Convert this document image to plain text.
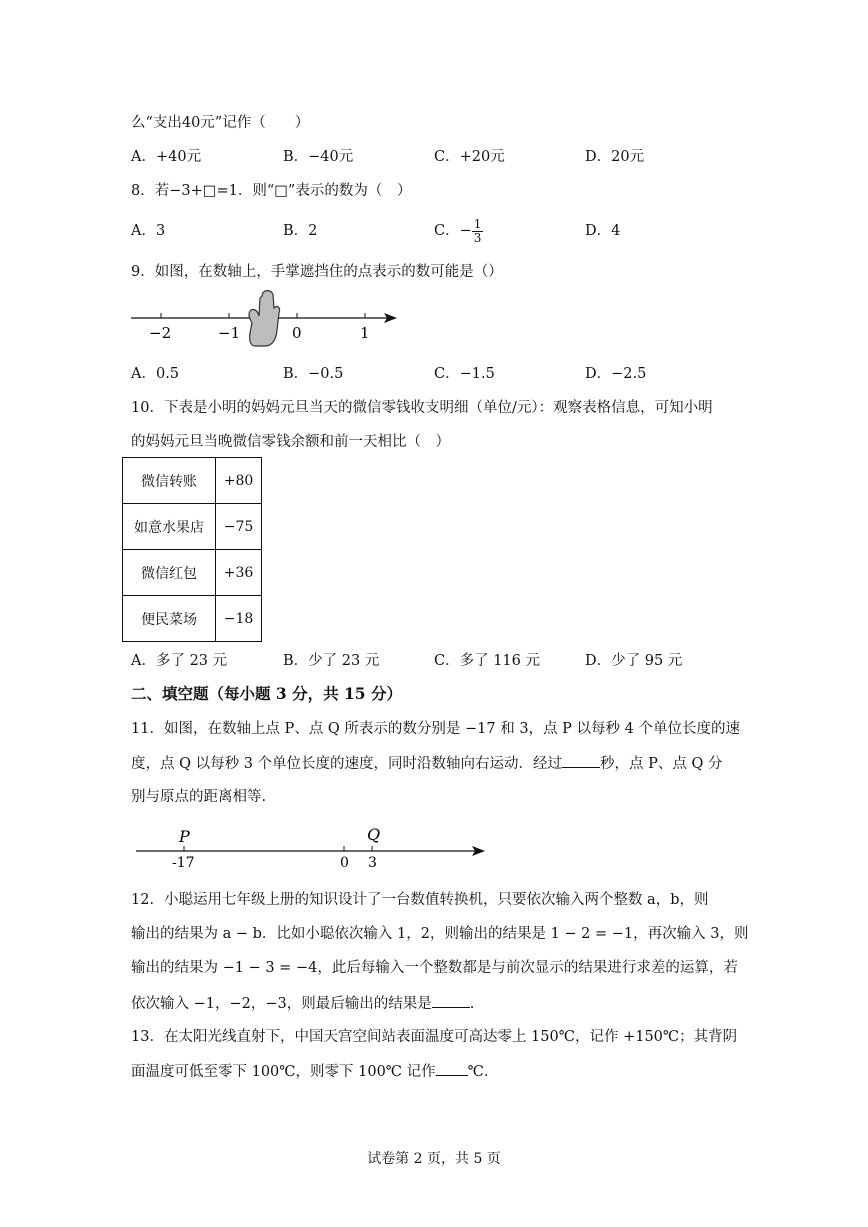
么“支出40元”记作（　　）
A．+40元	B．−40元	C．+20元	D．20元
8．若−3+□=1．则“□”表示的数为（　）
A．3	B．2	C．− $\frac{1}{3}$	D．4
9．如图，在数轴上，手掌遮挡住的点表示的数可能是（）
−2	−1	0	1
A．0.5	B．−0.5	C．−1.5	D．−2.5
10．下表是小明的妈妈元旦当天的微信零钱收支明细（单位/元）：观察表格信息，可知小明
的妈妈元旦当晚微信零钱余额和前一天相比（　）
微信转账	+80
如意水果店	−75
微信红包	+36
便民菜场	−18
A．多了 23 元	B．少了 23 元	C．多了 116 元	D．少了 95 元
二、填空题（每小题 3 分，共 15 分）
11．如图，在数轴上点 P、点 Q 所表示的数分别是 −17 和 3，点 P 以每秒 4 个单位长度的速
度，点 Q 以每秒 3 个单位长度的速度，同时沿数轴向右运动．经过	秒，点 P、点 Q 分
别与原点的距离相等.
P	Q
-17	0 3
12．小聪运用七年级上册的知识设计了一台数值转换机，只要依次输入两个整数 a，b，则
输出的结果为 a − b．比如小聪依次输入 1，2，则输出的结果是 1 − 2 = −1，再次输入 3，则
输出的结果为 −1 − 3 = −4，此后每输入一个整数都是与前次显示的结果进行求差的运算，若
依次输入 −1，−2，−3，则最后输出的结果是	.
13．在太阳光线直射下，中国天宫空间站表面温度可高达零上 150℃，记作 +150℃；其背阴
面温度可低至零下 100℃，则零下 100℃ 记作 ℃.
试卷第 2 页，共 5 页
